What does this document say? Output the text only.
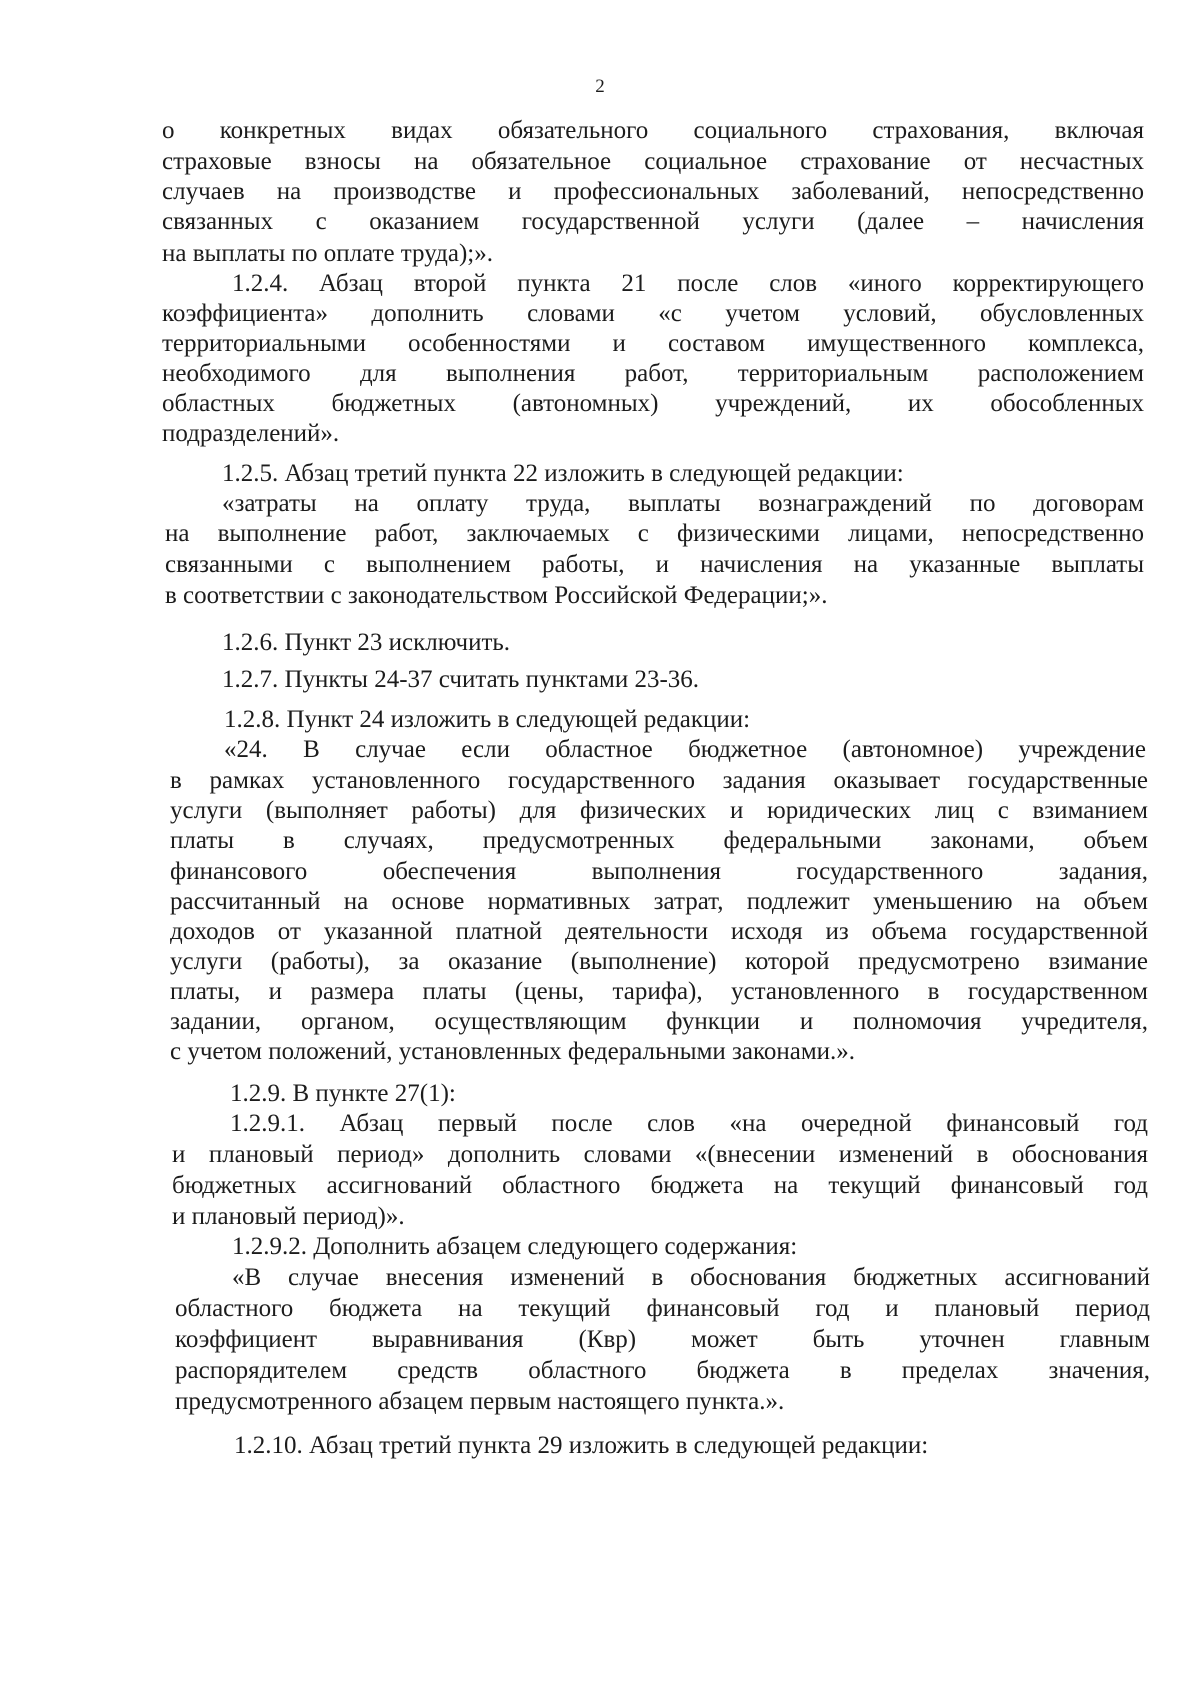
2
о конкретных видах обязательного социального страхования, включая
страховые взносы на обязательное социальное страхование от несчастных
случаев на производстве и профессиональных заболеваний, непосредственно
связанных с оказанием государственной услуги (далее – начисления
на выплаты по оплате труда);».
1.2.4. Абзац второй пункта 21 после слов «иного корректирующего
коэффициента» дополнить словами «с учетом условий, обусловленных
территориальными особенностями и составом имущественного комплекса,
необходимого для выполнения работ, территориальным расположением
областных бюджетных (автономных) учреждений, их обособленных
подразделений».
1.2.5. Абзац третий пункта 22 изложить в следующей редакции:
«затраты на оплату труда, выплаты вознаграждений по договорам
на выполнение работ, заключаемых с физическими лицами, непосредственно
связанными с выполнением работы, и начисления на указанные выплаты
в соответствии с законодательством Российской Федерации;».
1.2.6. Пункт 23 исключить.
1.2.7. Пункты 24-37 считать пунктами 23-36.
1.2.8. Пункт 24 изложить в следующей редакции:
«24. В случае если областное бюджетное (автономное) учреждение
в рамках установленного государственного задания оказывает государственные
услуги (выполняет работы) для физических и юридических лиц с взиманием
платы в случаях, предусмотренных федеральными законами, объем
финансового обеспечения выполнения государственного задания,
рассчитанный на основе нормативных затрат, подлежит уменьшению на объем
доходов от указанной платной деятельности исходя из объема государственной
услуги (работы), за оказание (выполнение) которой предусмотрено взимание
платы, и размера платы (цены, тарифа), установленного в государственном
задании, органом, осуществляющим функции и полномочия учредителя,
с учетом положений, установленных федеральными законами.».
1.2.9. В пункте 27(1):
1.2.9.1. Абзац первый после слов «на очередной финансовый год
и плановый период» дополнить словами «(внесении изменений в обоснования
бюджетных ассигнований областного бюджета на текущий финансовый год
и плановый период)».
1.2.9.2. Дополнить абзацем следующего содержания:
«В случае внесения изменений в обоснования бюджетных ассигнований
областного бюджета на текущий финансовый год и плановый период
коэффициент выравнивания (Квр) может быть уточнен главным
распорядителем средств областного бюджета в пределах значения,
предусмотренного абзацем первым настоящего пункта.».
1.2.10. Абзац третий пункта 29 изложить в следующей редакции:
